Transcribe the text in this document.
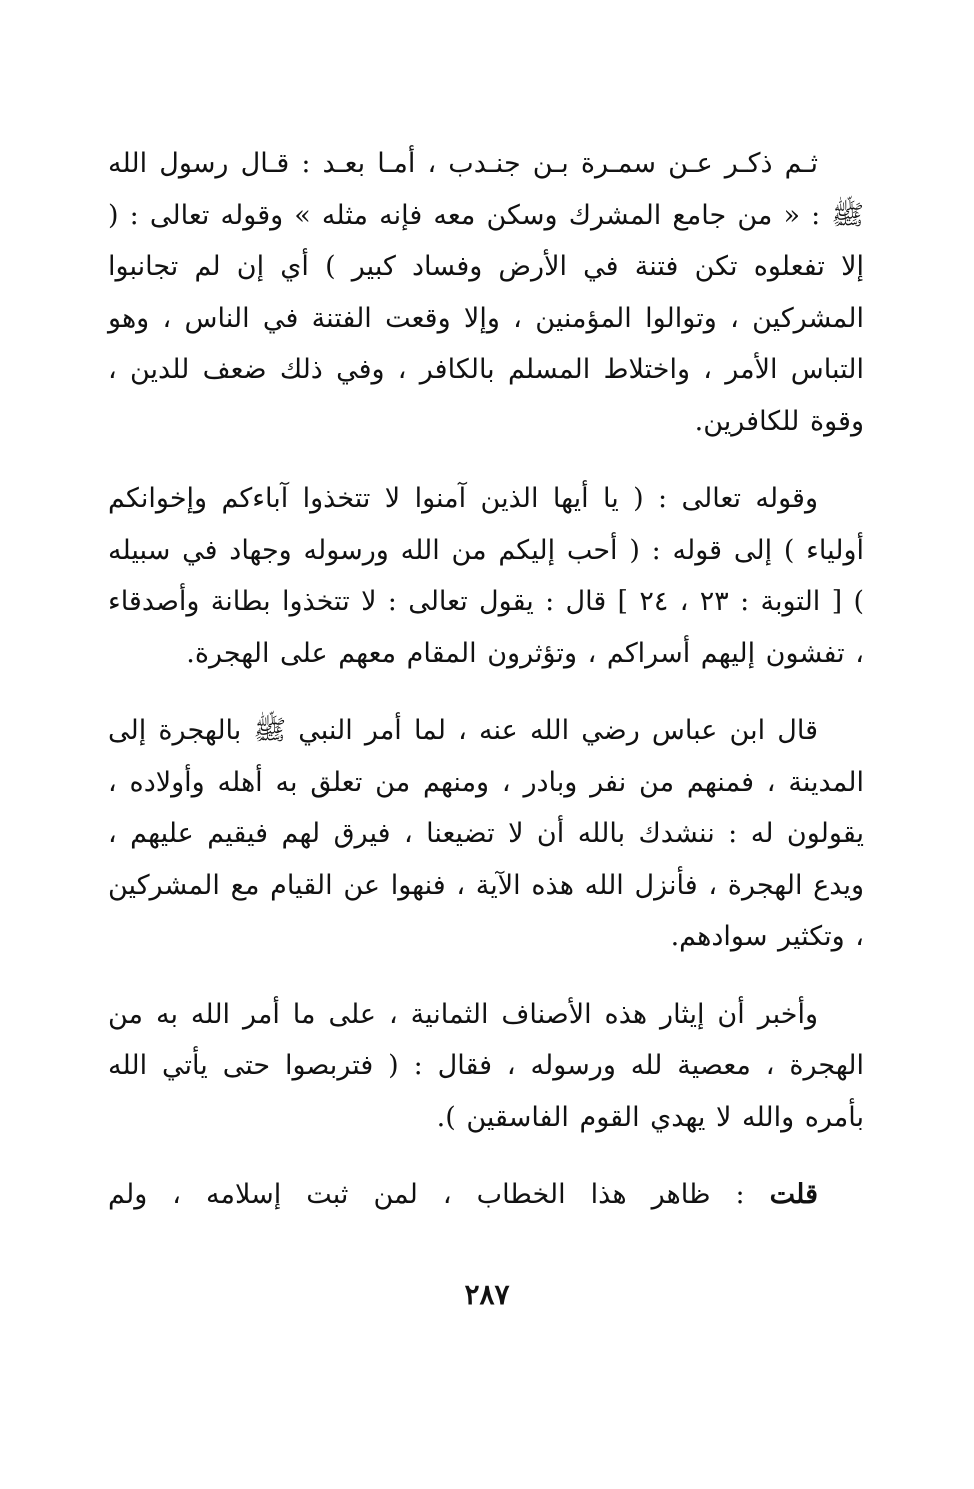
ثـم ذكـر عـن سمـرة بـن جنـدب ، أمـا بعـد : قـال رسول الله ﷺ : « من جامع المشرك وسكن معه فإنه مثله » وقوله تعالى : ( إلا تفعلوه تكن فتنة في الأرض وفساد كبير ) أي إن لم تجانبوا المشركين ، وتوالوا المؤمنين ، وإلا وقعت الفتنة في الناس ، وهو التباس الأمر ، واختلاط المسلم بالكافر ، وفي ذلك ضعف للدين ، وقوة للكافرين.

وقوله تعالى : ( يا أيها الذين آمنوا لا تتخذوا آباءكم وإخوانكم أولياء ) إلى قوله : ( أحب إليكم من الله ورسوله وجهاد في سبيله ) [ التوبة : ٢٣ ، ٢٤ ] قال : يقول تعالى : لا تتخذوا بطانة وأصدقاء ، تفشون إليهم أسراكم ، وتؤثرون المقام معهم على الهجرة.

قال ابن عباس رضي الله عنه ، لما أمر النبي ﷺ بالهجرة إلى المدينة ، فمنهم من نفر وبادر ، ومنهم من تعلق به أهله وأولاده ، يقولون له : ننشدك بالله أن لا تضيعنا ، فيرق لهم فيقيم عليهم ، ويدع الهجرة ، فأنزل الله هذه الآية ، فنهوا عن القيام مع المشركين ، وتكثير سوادهم.

وأخبر أن إيثار هذه الأصناف الثمانية ، على ما أمر الله به من الهجرة ، معصية لله ورسوله ، فقال : ( فتربصوا حتى يأتي الله بأمره والله لا يهدي القوم الفاسقين ).

قلت : ظاهر هذا الخطاب ، لمن ثبت إسلامه ، ولم

٢٨٧
